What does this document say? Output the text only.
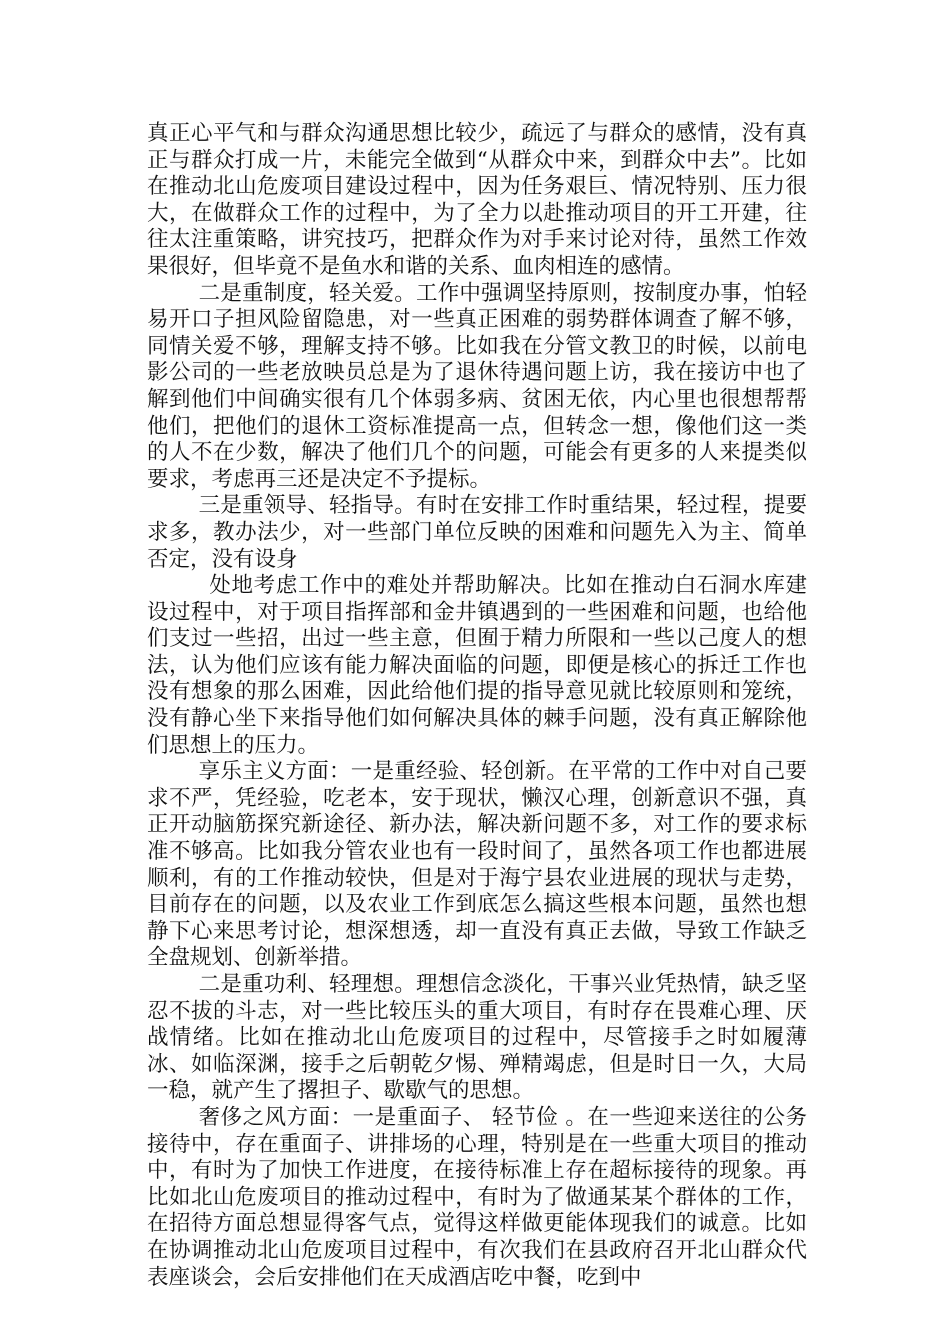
真正心平气和与群众沟通思想比较少，疏远了与群众的感情，没有真正与群众打成一片，未能完全做到“从群众中来，到群众中去”。比如在推动北山危废项目建设过程中，因为任务艰巨、情况特别、压力很大，在做群众工作的过程中，为了全力以赴推动项目的开工开建，往往太注重策略，讲究技巧，把群众作为对手来讨论对待，虽然工作效果很好，但毕竟不是鱼水和谐的关系、血肉相连的感情。

二是重制度，轻关爱。工作中强调坚持原则，按制度办事，怕轻易开口子担风险留隐患，对一些真正困难的弱势群体调查了解不够，同情关爱不够，理解支持不够。比如我在分管文教卫的时候，以前电影公司的一些老放映员总是为了退休待遇问题上访，我在接访中也了解到他们中间确实很有几个体弱多病、贫困无依，内心里也很想帮帮他们，把他们的退休工资标准提高一点，但转念一想，像他们这一类的人不在少数，解决了他们几个的问题，可能会有更多的人来提类似要求，考虑再三还是决定不予提标。

三是重领导、轻指导。有时在安排工作时重结果，轻过程，提要求多，教办法少，对一些部门单位反映的困难和问题先入为主、简单否定，没有设身

处地考虑工作中的难处并帮助解决。比如在推动白石洞水库建设过程中，对于项目指挥部和金井镇遇到的一些困难和问题，也给他们支过一些招，出过一些主意，但囿于精力所限和一些以己度人的想法，认为他们应该有能力解决面临的问题，即便是核心的拆迁工作也没有想象的那么困难，因此给他们提的指导意见就比较原则和笼统，没有静心坐下来指导他们如何解决具体的棘手问题，没有真正解除他们思想上的压力。

享乐主义方面：一是重经验、轻创新。在平常的工作中对自己要求不严，凭经验，吃老本，安于现状，懒汉心理，创新意识不强，真正开动脑筋探究新途径、新办法，解决新问题不多，对工作的要求标准不够高。比如我分管农业也有一段时间了，虽然各项工作也都进展顺利，有的工作推动较快，但是对于海宁县农业进展的现状与走势，目前存在的问题，以及农业工作到底怎么搞这些根本问题，虽然也想静下心来思考讨论，想深想透，却一直没有真正去做，导致工作缺乏全盘规划、创新举措。

二是重功利、轻理想。理想信念淡化，干事兴业凭热情，缺乏坚忍不拔的斗志，对一些比较压头的重大项目，有时存在畏难心理、厌战情绪。比如在推动北山危废项目的过程中，尽管接手之时如履薄冰、如临深渊，接手之后朝乾夕惕、殚精竭虑，但是时日一久，大局一稳，就产生了撂担子、歇歇气的思想。

奢侈之风方面：一是重面子、 轻节俭 。在一些迎来送往的公务接待中，存在重面子、讲排场的心理，特别是在一些重大项目的推动中，有时为了加快工作进度，在接待标准上存在超标接待的现象。再比如北山危废项目的推动过程中，有时为了做通某某个群体的工作，在招待方面总想显得客气点，觉得这样做更能体现我们的诚意。比如在协调推动北山危废项目过程中，有次我们在县政府召开北山群众代表座谈会，会后安排他们在天成酒店吃中餐，吃到中
